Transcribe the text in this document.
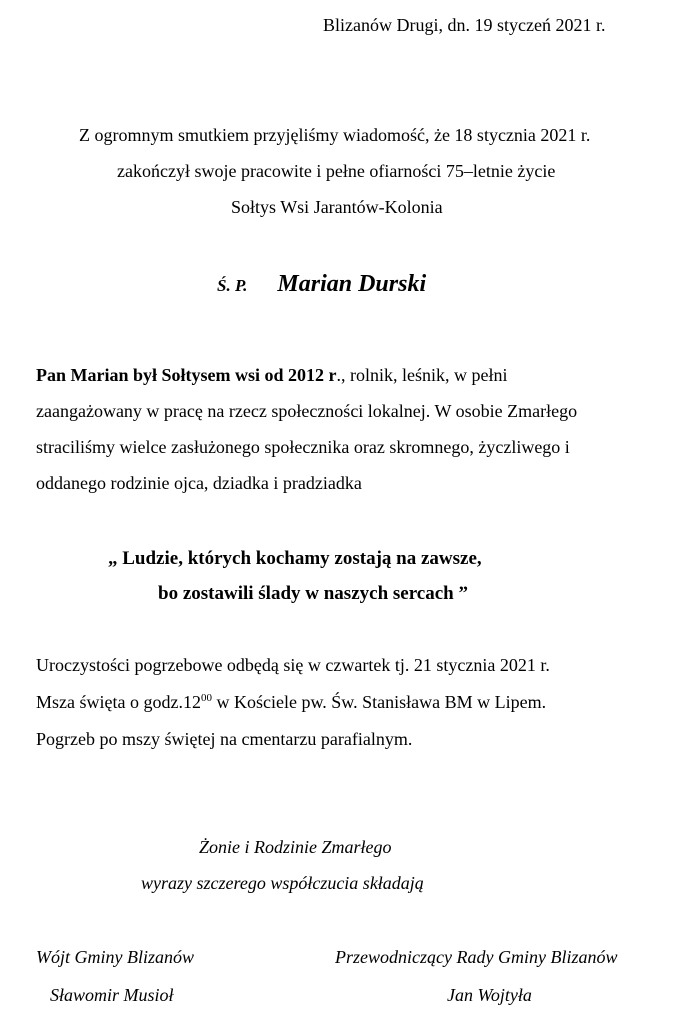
Blizanów Drugi, dn. 19 styczeń 2021 r.
Z ogromnym smutkiem przyjęliśmy wiadomość, że 18 stycznia 2021 r.
zakończył swoje pracowite i pełne ofiarności 75–letnie życie
Sołtys Wsi Jarantów-Kolonia
Ś. P. Marian Durski
Pan Marian był Sołtysem wsi od 2012 r., rolnik, leśnik, w pełni
zaangażowany w pracę na rzecz społeczności lokalnej. W osobie Zmarłego
straciliśmy wielce zasłużonego społecznika oraz skromnego, życzliwego i
oddanego rodzinie ojca, dziadka i pradziadka
„ Ludzie, których kochamy zostają na zawsze,
bo zostawili ślady w naszych sercach ”
Uroczystości pogrzebowe odbędą się w czwartek tj. 21 stycznia 2021 r.
Msza święta o $godz.12^{00}$ w Kościele pw. Św. Stanisława BM w Lipem.
Pogrzeb po mszy świętej na cmentarzu parafialnym.
Żonie i Rodzinie Zmarłego
wyrazy szczerego współczucia składają
Wójt Gminy Blizanów
Sławomir Musioł
Przewodniczący Rady Gminy Blizanów
Jan Wojtyła
